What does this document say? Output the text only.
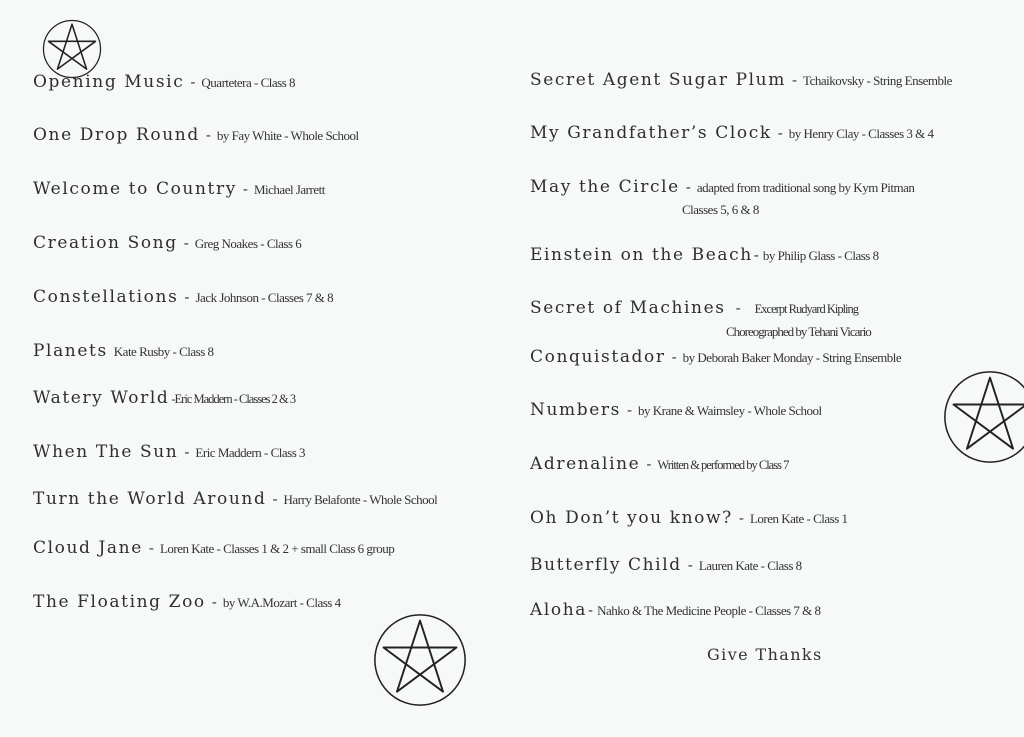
Opening Music - Quartetera - Class 8
One Drop Round - by Fay White - Whole School
Welcome to Country - Michael Jarrett
Creation Song - Greg Noakes - Class 6
Constellations - Jack Johnson - Classes 7 & 8
Planets Kate Rusby - Class 8
Watery World -Eric Maddern - Classes 2 & 3
When The Sun - Eric Maddern - Class 3
Turn the World Around - Harry Belafonte - Whole School
Cloud Jane - Loren Kate - Classes 1 & 2 + small Class 6 group
The Floating Zoo - by W.A.Mozart - Class 4
Secret Agent Sugar Plum - Tchaikovsky - String Ensemble
My Grandfather’s Clock - by Henry Clay - Classes 3 & 4
May the Circle - adapted from traditional song by Kym Pitman
Classes 5, 6 & 8
Einstein on the Beach- by Philip Glass - Class 8
Secret of Machines - Excerpt Rudyard Kipling
Choreographed by Tehani Vicario
Conquistador - by Deborah Baker Monday - String Ensemble
Numbers - by Krane & Waimsley - Whole School
Adrenaline - Written & performed by Class 7
Oh Don’t you know? - Loren Kate - Class 1
Butterfly Child - Lauren Kate - Class 8
Aloha- Nahko & The Medicine People - Classes 7 & 8
Give Thanks
